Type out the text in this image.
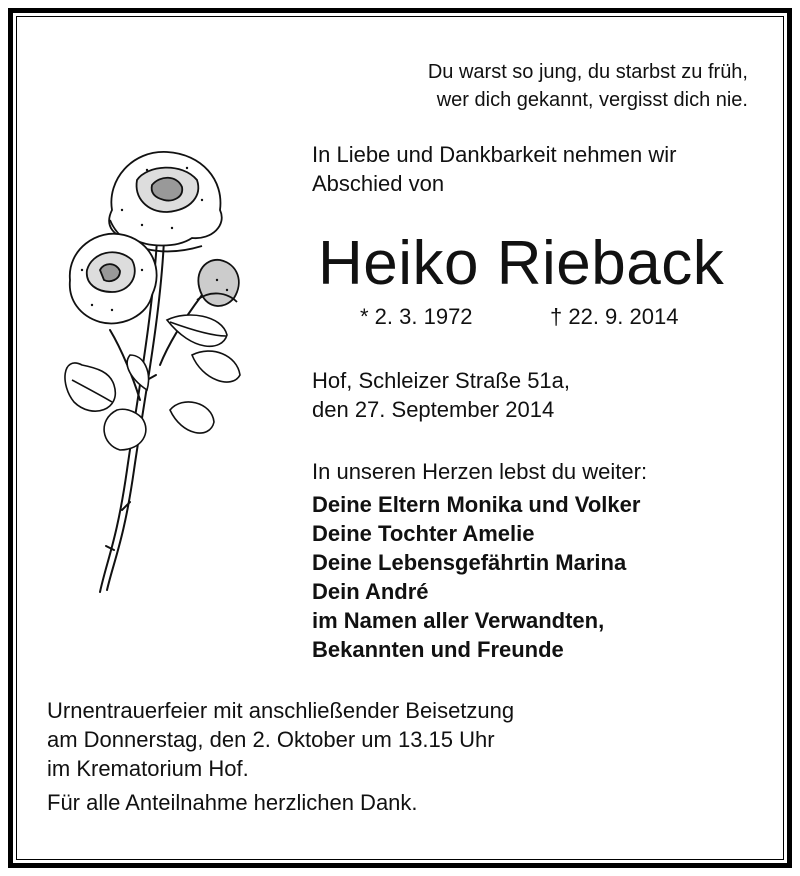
Du warst so jung, du starbst zu früh,
wer dich gekannt, vergisst dich nie.
In Liebe und Dankbarkeit nehmen wir
Abschied von
Heiko Rieback
* 2. 3. 1972	† 22. 9. 2014
Hof, Schleizer Straße 51a,
den 27. September 2014
In unseren Herzen lebst du weiter:
Deine Eltern Monika und Volker
Deine Tochter Amelie
Deine Lebensgefährtin Marina
Dein André
im Namen aller Verwandten,
Bekannten und Freunde
Urnentrauerfeier mit anschließender Beisetzung
am Donnerstag, den 2. Oktober um 13.15 Uhr
im Krematorium Hof.
Für alle Anteilnahme herzlichen Dank.
